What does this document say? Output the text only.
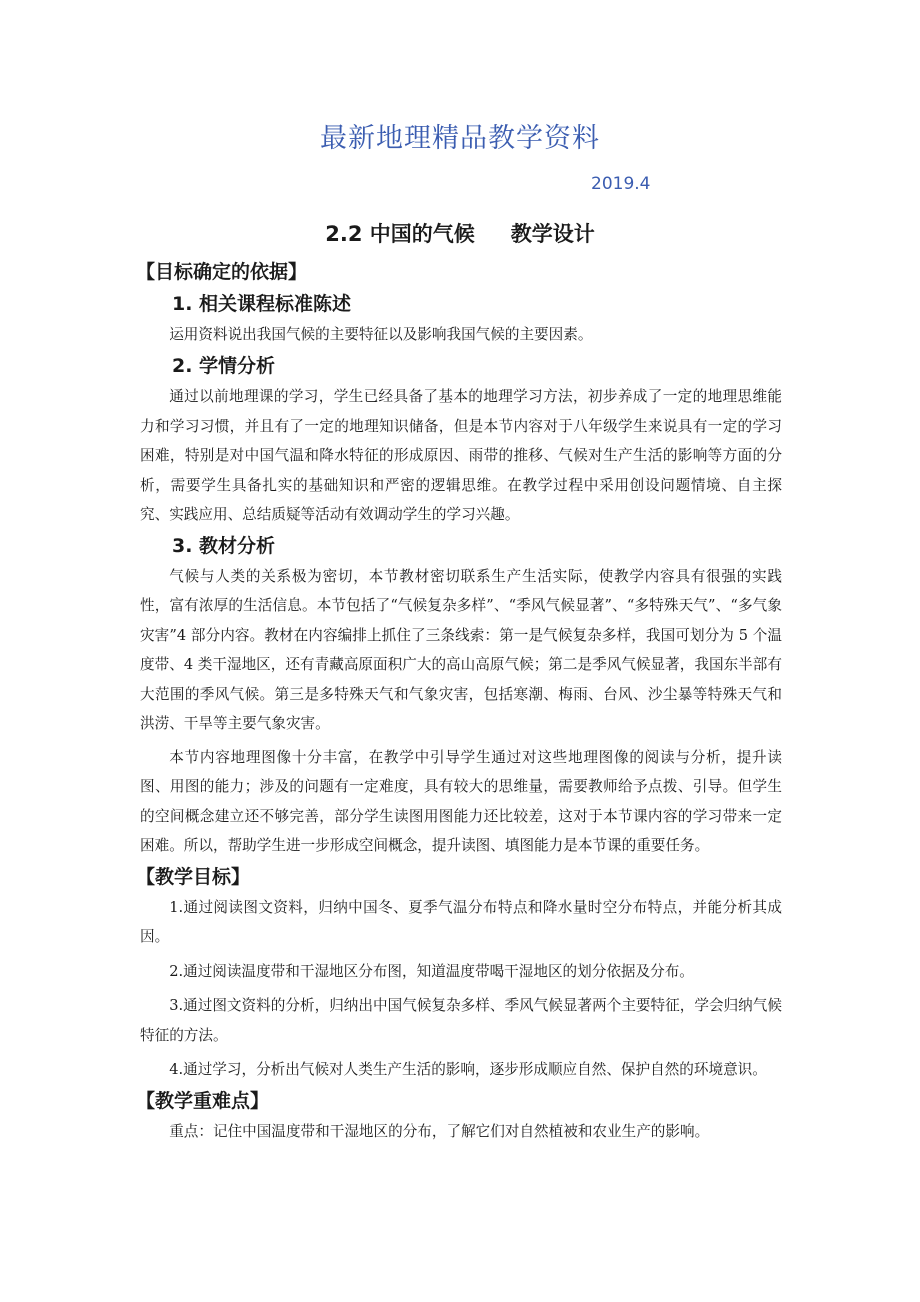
最新地理精品教学资料
2019.4
2.2 中国的气候 教学设计
【目标确定的依据】
1. 相关课程标准陈述

运用资料说出我国气候的主要特征以及影响我国气候的主要因素。

2. 学情分析

通过以前地理课的学习，学生已经具备了基本的地理学习方法，初步养成了一定的地理思维能力和学习习惯，并且有了一定的地理知识储备，但是本节内容对于八年级学生来说具有一定的学习困难，特别是对中国气温和降水特征的形成原因、雨带的推移、气候对生产生活的影响等方面的分析，需要学生具备扎实的基础知识和严密的逻辑思维。在教学过程中采用创设问题情境、自主探究、实践应用、总结质疑等活动有效调动学生的学习兴趣。

3. 教材分析

气候与人类的关系极为密切，本节教材密切联系生产生活实际，使教学内容具有很强的实践性，富有浓厚的生活信息。本节包括了“气候复杂多样”、“季风气候显著”、“多特殊天气”、“多气象灾害”4 部分内容。教材在内容编排上抓住了三条线索：第一是气候复杂多样，我国可划分为 5 个温度带、4 类干湿地区，还有青藏高原面积广大的高山高原气候；第二是季风气候显著，我国东半部有大范围的季风气候。第三是多特殊天气和气象灾害，包括寒潮、梅雨、台风、沙尘暴等特殊天气和洪涝、干旱等主要气象灾害。

本节内容地理图像十分丰富，在教学中引导学生通过对这些地理图像的阅读与分析，提升读图、用图的能力；涉及的问题有一定难度，具有较大的思维量，需要教师给予点拨、引导。但学生的空间概念建立还不够完善，部分学生读图用图能力还比较差，这对于本节课内容的学习带来一定困难。所以，帮助学生进一步形成空间概念，提升读图、填图能力是本节课的重要任务。

【教学目标】

1.通过阅读图文资料，归纳中国冬、夏季气温分布特点和降水量时空分布特点，并能分析其成因。

2.通过阅读温度带和干湿地区分布图，知道温度带喝干湿地区的划分依据及分布。

3.通过图文资料的分析，归纳出中国气候复杂多样、季风气候显著两个主要特征，学会归纳气候特征的方法。

4.通过学习，分析出气候对人类生产生活的影响，逐步形成顺应自然、保护自然的环境意识。

【教学重难点】

重点：记住中国温度带和干湿地区的分布，了解它们对自然植被和农业生产的影响。
